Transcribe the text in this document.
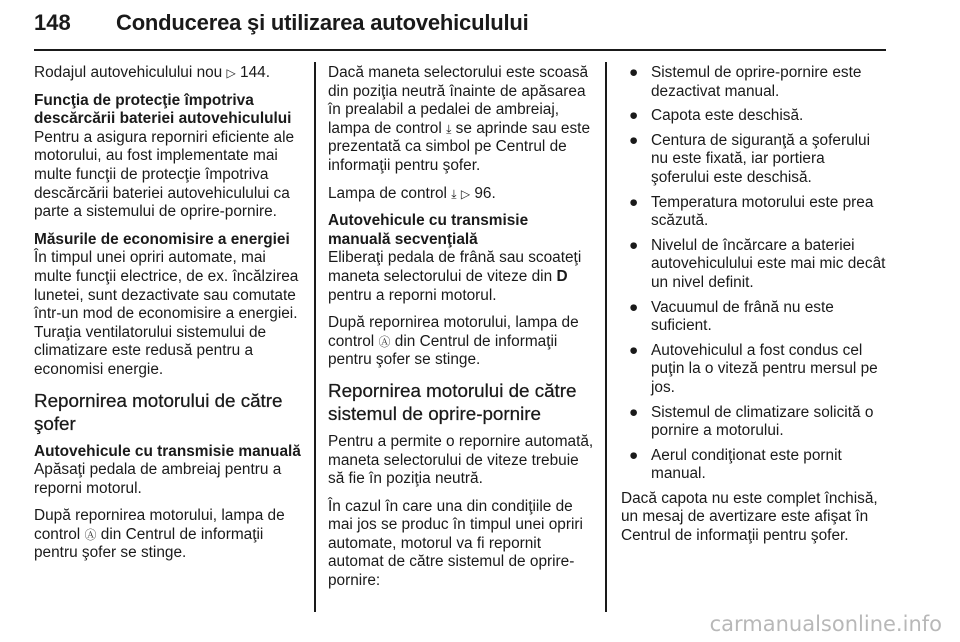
148 Conducerea şi utilizarea autovehiculului

Rodajul autovehiculului nou ▷ 144.

Funcţia de protecţie împotriva descărcării bateriei autovehiculului

Pentru a asigura reporniri eficiente ale motorului, au fost implementate mai multe funcţii de protecţie împotriva descărcării bateriei autovehiculului ca parte a sistemului de oprire-pornire.

Măsurile de economisire a energiei

În timpul unei opriri automate, mai multe funcţii electrice, de ex. încălzirea lunetei, sunt dezactivate sau comutate într-un mod de economisire a energiei. Turaţia ventilatorului sistemului de climatizare este redusă pentru a economisi energie.

Repornirea motorului de către şofer
Autovehicule cu transmisie manuală

Apăsaţi pedala de ambreiaj pentru a reporni motorul.

După repornirea motorului, lampa de control Ⓐ din Centrul de informaţii pentru şofer se stinge.

Dacă maneta selectorului este scoasă din poziţia neutră înainte de apăsarea în prealabil a pedalei de ambreiaj, lampa de control ⤓ se aprinde sau este prezentată ca simbol pe Centrul de informaţii pentru şofer.

Lampa de control ⤓ ▷ 96.

Autovehicule cu transmisie manuală secvenţială

Eliberaţi pedala de frână sau scoateţi maneta selectorului de viteze din D pentru a reporni motorul.

După repornirea motorului, lampa de control Ⓐ din Centrul de informaţii pentru şofer se stinge.

Repornirea motorului de către sistemul de oprire-pornire

Pentru a permite o repornire automată, maneta selectorului de viteze trebuie să fie în poziţia neutră.

În cazul în care una din condiţiile de mai jos se produc în timpul unei opriri automate, motorul va fi repornit automat de către sistemul de oprire-pornire:

● Sistemul de oprire-pornire este dezactivat manual.
● Capota este deschisă.
● Centura de siguranţă a şoferului nu este fixată, iar portiera şoferului este deschisă.
● Temperatura motorului este prea scăzută.
● Nivelul de încărcare a bateriei autovehiculului este mai mic decât un nivel definit.
● Vacuumul de frână nu este suficient.
● Autovehiculul a fost condus cel puţin la o viteză pentru mersul pe jos.
● Sistemul de climatizare solicită o pornire a motorului.
● Aerul condiţionat este pornit manual.

Dacă capota nu este complet închisă, un mesaj de avertizare este afişat în Centrul de informaţii pentru şofer.

carmanualsonline.info
